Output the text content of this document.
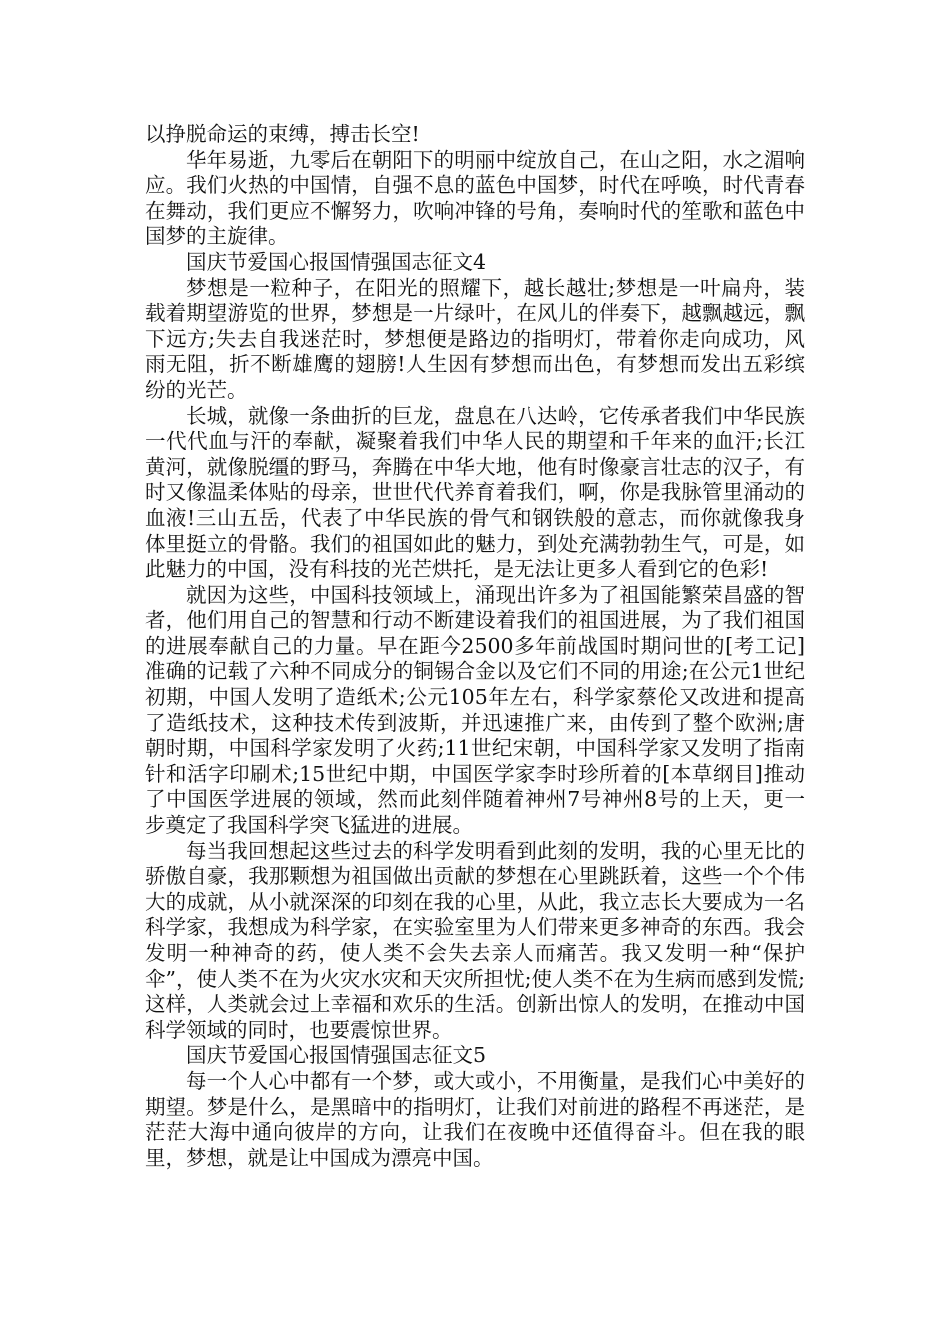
以挣脱命运的束缚，搏击长空!

华年易逝，九零后在朝阳下的明丽中绽放自己，在山之阳，水之湄响应。我们火热的中国情，自强不息的蓝色中国梦，时代在呼唤，时代青春在舞动，我们更应不懈努力，吹响冲锋的号角，奏响时代的笙歌和蓝色中国梦的主旋律。

国庆节爱国心报国情强国志征文4

梦想是一粒种子，在阳光的照耀下，越长越壮;梦想是一叶扁舟，装载着期望游览的世界，梦想是一片绿叶，在风儿的伴奏下，越飘越远，飘下远方;失去自我迷茫时，梦想便是路边的指明灯，带着你走向成功，风雨无阻，折不断雄鹰的翅膀!人生因有梦想而出色，有梦想而发出五彩缤纷的光芒。

长城，就像一条曲折的巨龙，盘息在八达岭，它传承者我们中华民族一代代血与汗的奉献，凝聚着我们中华人民的期望和千年来的血汗;长江黄河，就像脱缰的野马，奔腾在中华大地，他有时像豪言壮志的汉子，有时又像温柔体贴的母亲，世世代代养育着我们，啊，你是我脉管里涌动的血液!三山五岳，代表了中华民族的骨气和钢铁般的意志，而你就像我身体里挺立的骨骼。我们的祖国如此的魅力，到处充满勃勃生气，可是，如此魅力的中国，没有科技的光芒烘托，是无法让更多人看到它的色彩!

就因为这些，中国科技领域上，涌现出许多为了祖国能繁荣昌盛的智者，他们用自己的智慧和行动不断建设着我们的祖国进展，为了我们祖国的进展奉献自己的力量。早在距今2500多年前战国时期问世的[考工记]准确的记载了六种不同成分的铜锡合金以及它们不同的用途;在公元1世纪初期，中国人发明了造纸术;公元105年左右，科学家蔡伦又改进和提高了造纸技术，这种技术传到波斯，并迅速推广来，由传到了整个欧洲;唐朝时期，中国科学家发明了火药;11世纪宋朝，中国科学家又发明了指南针和活字印刷术;15世纪中期，中国医学家李时珍所着的[本草纲目]推动了中国医学进展的领域，然而此刻伴随着神州7号神州8号的上天，更一步奠定了我国科学突飞猛进的进展。

每当我回想起这些过去的科学发明看到此刻的发明，我的心里无比的骄傲自豪，我那颗想为祖国做出贡献的梦想在心里跳跃着，这些一个个伟大的成就，从小就深深的印刻在我的心里，从此，我立志长大要成为一名科学家，我想成为科学家，在实验室里为人们带来更多神奇的东西。我会发明一种神奇的药，使人类不会失去亲人而痛苦。我又发明一种“保护伞”，使人类不在为火灾水灾和天灾所担忧;使人类不在为生病而感到发慌;这样，人类就会过上幸福和欢乐的生活。创新出惊人的发明，在推动中国科学领域的同时，也要震惊世界。

国庆节爱国心报国情强国志征文5

每一个人心中都有一个梦，或大或小，不用衡量，是我们心中美好的期望。梦是什么，是黑暗中的指明灯，让我们对前进的路程不再迷茫，是茫茫大海中通向彼岸的方向，让我们在夜晚中还值得奋斗。但在我的眼里，梦想，就是让中国成为漂亮中国。
